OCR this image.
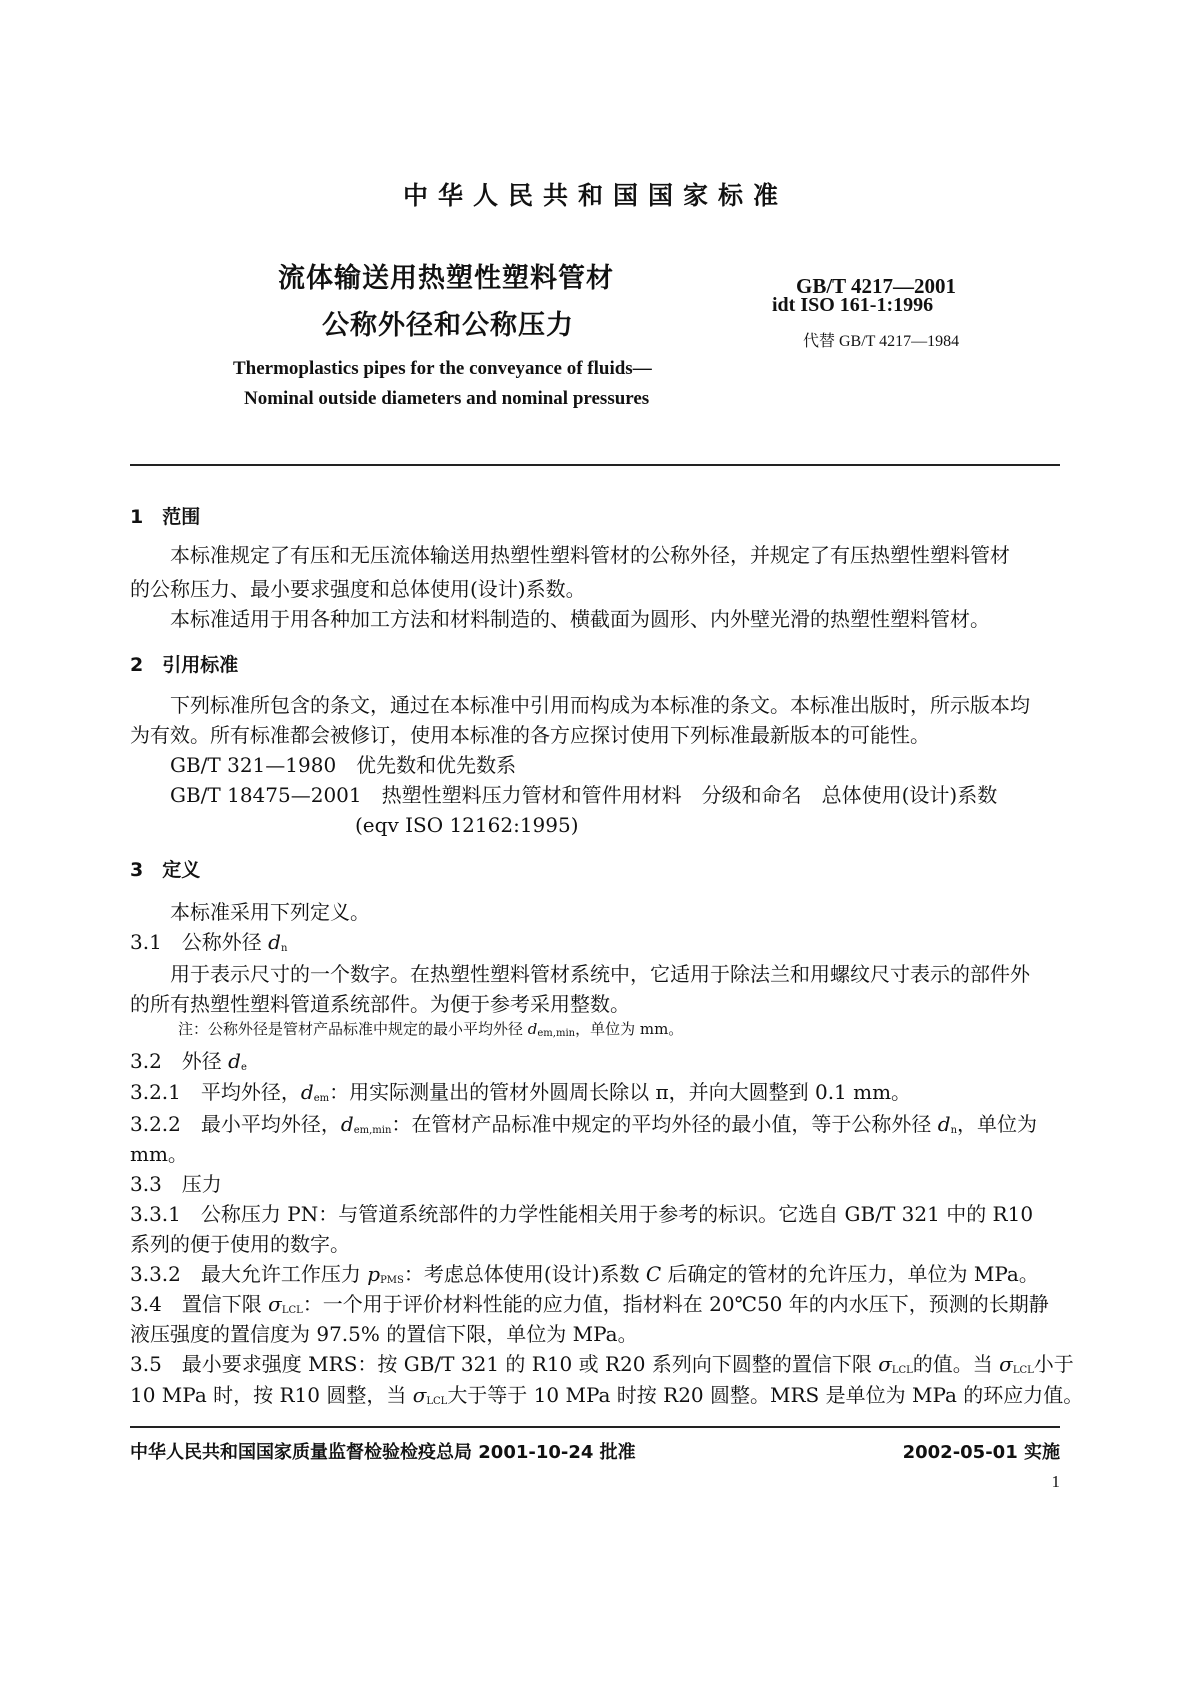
中华人民共和国国家标准
流体输送用热塑性塑料管材
公称外径和公称压力
GB/T 4217—2001
idt ISO 161-1:1996
代替 GB/T 4217—1984
Thermoplastics pipes for the conveyance of fluids—
Nominal outside diameters and nominal pressures
1　范围
本标准规定了有压和无压流体输送用热塑性塑料管材的公称外径，并规定了有压热塑性塑料管材
的公称压力、最小要求强度和总体使用(设计)系数。
本标准适用于用各种加工方法和材料制造的、横截面为圆形、内外壁光滑的热塑性塑料管材。
2　引用标准
下列标准所包含的条文，通过在本标准中引用而构成为本标准的条文。本标准出版时，所示版本均
为有效。所有标准都会被修订，使用本标准的各方应探讨使用下列标准最新版本的可能性。
GB/T 321—1980　优先数和优先数系
GB/T 18475—2001　热塑性塑料压力管材和管件用材料　分级和命名　总体使用(设计)系数
(eqv ISO 12162:1995)
3　定义
本标准采用下列定义。
3.1　公称外径 $d_n$
用于表示尺寸的一个数字。在热塑性塑料管材系统中，它适用于除法兰和用螺纹尺寸表示的部件外
的所有热塑性塑料管道系统部件。为便于参考采用整数。
注：公称外径是管材产品标准中规定的最小平均外径 $d_{em,min}$，单位为 mm。
3.2　外径 $d_e$
3.2.1　平均外径，$d_{em}$：用实际测量出的管材外圆周长除以 π，并向大圆整到 0.1 mm。
3.2.2　最小平均外径，$d_{em,min}$：在管材产品标准中规定的平均外径的最小值，等于公称外径 $d_n$，单位为
mm。
3.3　压力
3.3.1　公称压力 PN：与管道系统部件的力学性能相关用于参考的标识。它选自 GB/T 321 中的 R10
系列的便于使用的数字。
3.3.2　最大允许工作压力 $p_{PMS}$：考虑总体使用(设计)系数 C 后确定的管材的允许压力，单位为 MPa。
3.4　置信下限 $\sigma_{LCL}$：一个用于评价材料性能的应力值，指材料在 20℃50 年的内水压下，预测的长期静
液压强度的置信度为 97.5% 的置信下限，单位为 MPa。
3.5　最小要求强度 MRS：按 GB/T 321 的 R10 或 R20 系列向下圆整的置信下限 $\sigma_{LCL}$的值。当 $\sigma_{LCL}$小于
10 MPa 时，按 R10 圆整，当 $\sigma_{LCL}$大于等于 10 MPa 时按 R20 圆整。MRS 是单位为 MPa 的环应力值。
中华人民共和国国家质量监督检验检疫总局 2001-10-24 批准	2002-05-01 实施
1
